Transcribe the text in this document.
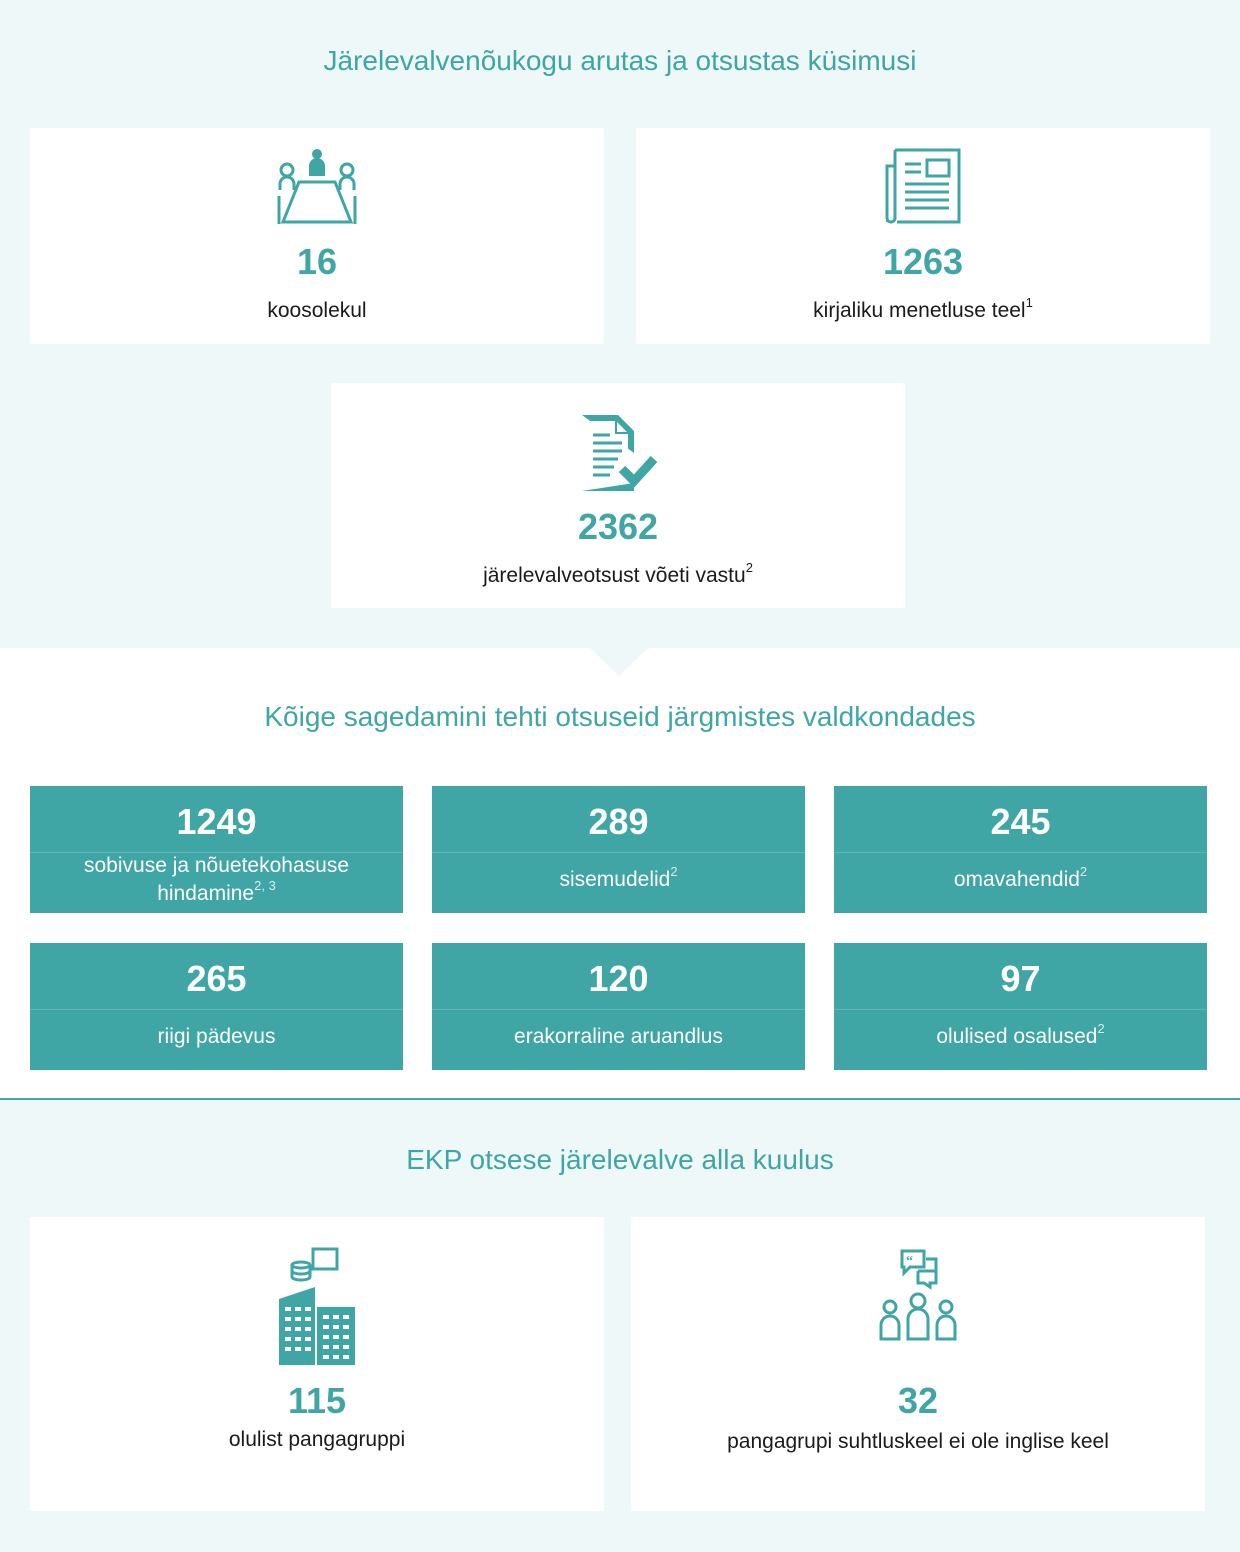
Järelevalvenõukogu arutas ja otsustas küsimusi
16
koosolekul
1263
kirjaliku menetluse teel$^1$
2362
järelevalveotsust võeti vastu$^2$
Kõige sagedamini tehti otsuseid järgmistes valdkondades
1249
sobivuse ja nõuetekohasuse
hindamine$^{2, 3}$
289
sisemudelid$^2$
245
omavahendid$^2$
265
riigi pädevus
120
erakorraline aruandlus
97
olulised osalused$^2$
EKP otsese järelevalve alla kuulus
115
olulist pangagruppi
“
32
pangagrupi suhtluskeel ei ole inglise keel
